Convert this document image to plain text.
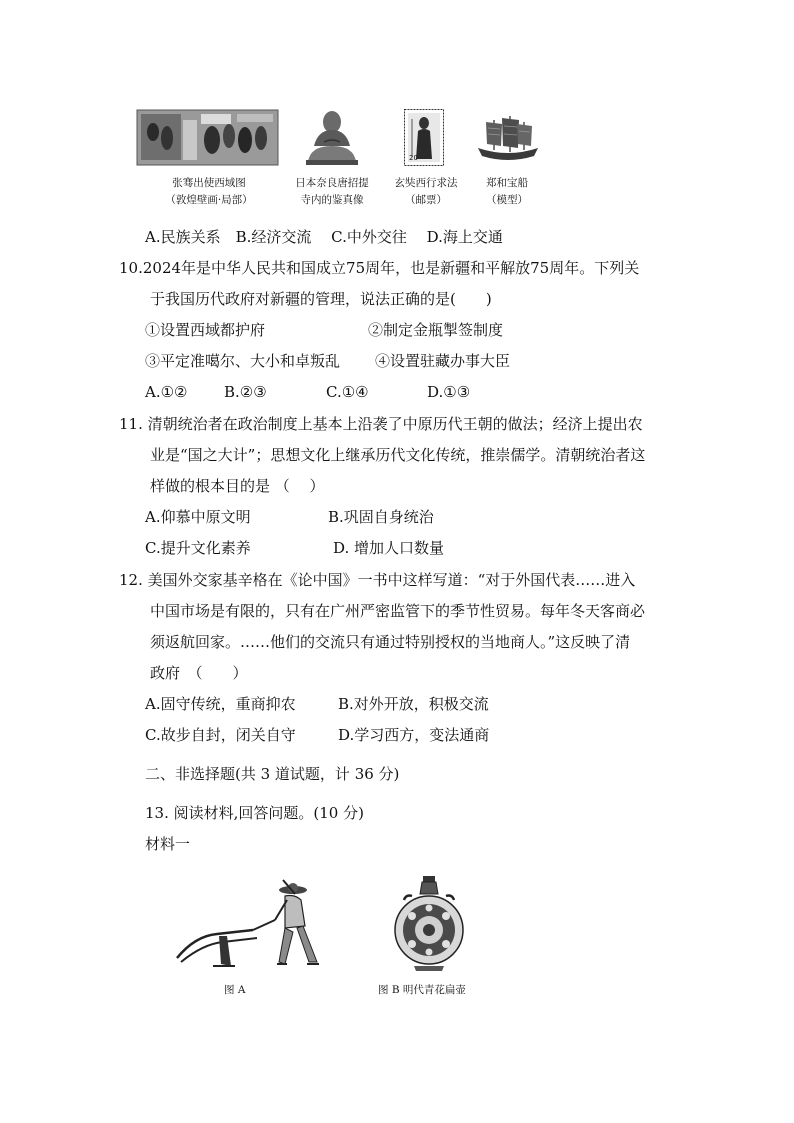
20
张骞出使西域图
（敦煌壁画·局部）
日本奈良唐招提
寺内的鉴真像
玄奘西行求法
（邮票）
郑和宝船
（模型）
A.民族关系　B.经济交流　 C.中外交往　 D.海上交通
10.2024年是中华人民共和国成立75周年，也是新疆和平解放75周年。下列关
于我国历代政府对新疆的管理，说法正确的是(　　)
①设置西域都护府	②制定金瓶掣签制度
③平定准噶尔、大小和卓叛乱 ④设置驻藏办事大臣
A.①② B.②③	C.①④	D.①③
11. 清朝统治者在政治制度上基本上沿袭了中原历代王朝的做法；经济上提出农
业是“国之大计”；思想文化上继承历代文化传统，推崇儒学。清朝统治者这
样做的根本目的是 （　 ）
A.仰慕中原文明	B.巩固自身统治
C.提升文化素养	D. 增加人口数量
12. 美国外交家基辛格在《论中国》一书中这样写道：“对于外国代表……进入
中国市场是有限的，只有在广州严密监管下的季节性贸易。每年冬天客商必
须返航回家。……他们的交流只有通过特别授权的当地商人。”这反映了清
政府　（　　）
A.固守传统，重商抑农	B.对外开放，积极交流
C.故步自封，闭关自守	D.学习西方，变法通商
二、非选择题(共 3 道试题，计 36 分)
13. 阅读材料,回答问题。(10 分)
材料一
图 A	图 B 明代青花扁壶
